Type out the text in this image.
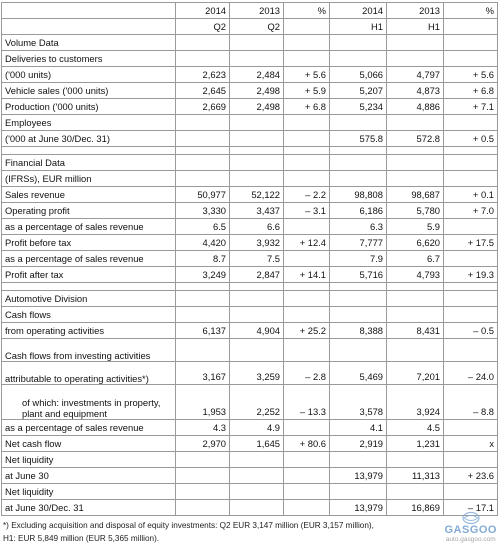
	2014	2013	%	2014	2013	%
	Q2	Q2		H1	H1	
Volume Data						
Deliveries to customers						
('000 units)	2,623	2,484	+ 5.6	5,066	4,797	+ 5.6
Vehicle sales ('000 units)	2,645	2,498	+ 5.9	5,207	4,873	+ 6.8
Production ('000 units)	2,669	2,498	+ 6.8	5,234	4,886	+ 7.1
Employees						
('000 at June 30/Dec. 31)				575.8	572.8	+ 0.5

Financial Data						
(IFRSs), EUR million						
Sales revenue	50,977	52,122	– 2.2	98,808	98,687	+ 0.1
Operating profit	3,330	3,437	– 3.1	6,186	5,780	+ 7.0
as a percentage of sales revenue	6.5	6.6		6.3	5.9	
Profit before tax	4,420	3,932	+ 12.4	7,777	6,620	+ 17.5
as a percentage of sales revenue	8.7	7.5		7.9	6.7	
Profit after tax	3,249	2,847	+ 14.1	5,716	4,793	+ 19.3

Automotive Division						
Cash flows						
from operating activities	6,137	4,904	+ 25.2	8,388	8,431	– 0.5
Cash flows from investing activities						
attributable to operating activities*)	3,167	3,259	– 2.8	5,469	7,201	– 24.0
of which: investments in property, plant and equipment	1,953	2,252	– 13.3	3,578	3,924	– 8.8
as a percentage of sales revenue	4.3	4.9		4.1	4.5	
Net cash flow	2,970	1,645	+ 80.6	2,919	1,231	x
Net liquidity						
at June 30				13,979	11,313	+ 23.6
Net liquidity						
at June 30/Dec. 31				13,979	16,869	– 17.1
*) Excluding acquisition and disposal of equity investments: Q2 EUR 3,147 million (EUR 3,157 million),
H1: EUR 5,849 million (EUR 5,365 million).
GASGOO
auto.gasgoo.com
